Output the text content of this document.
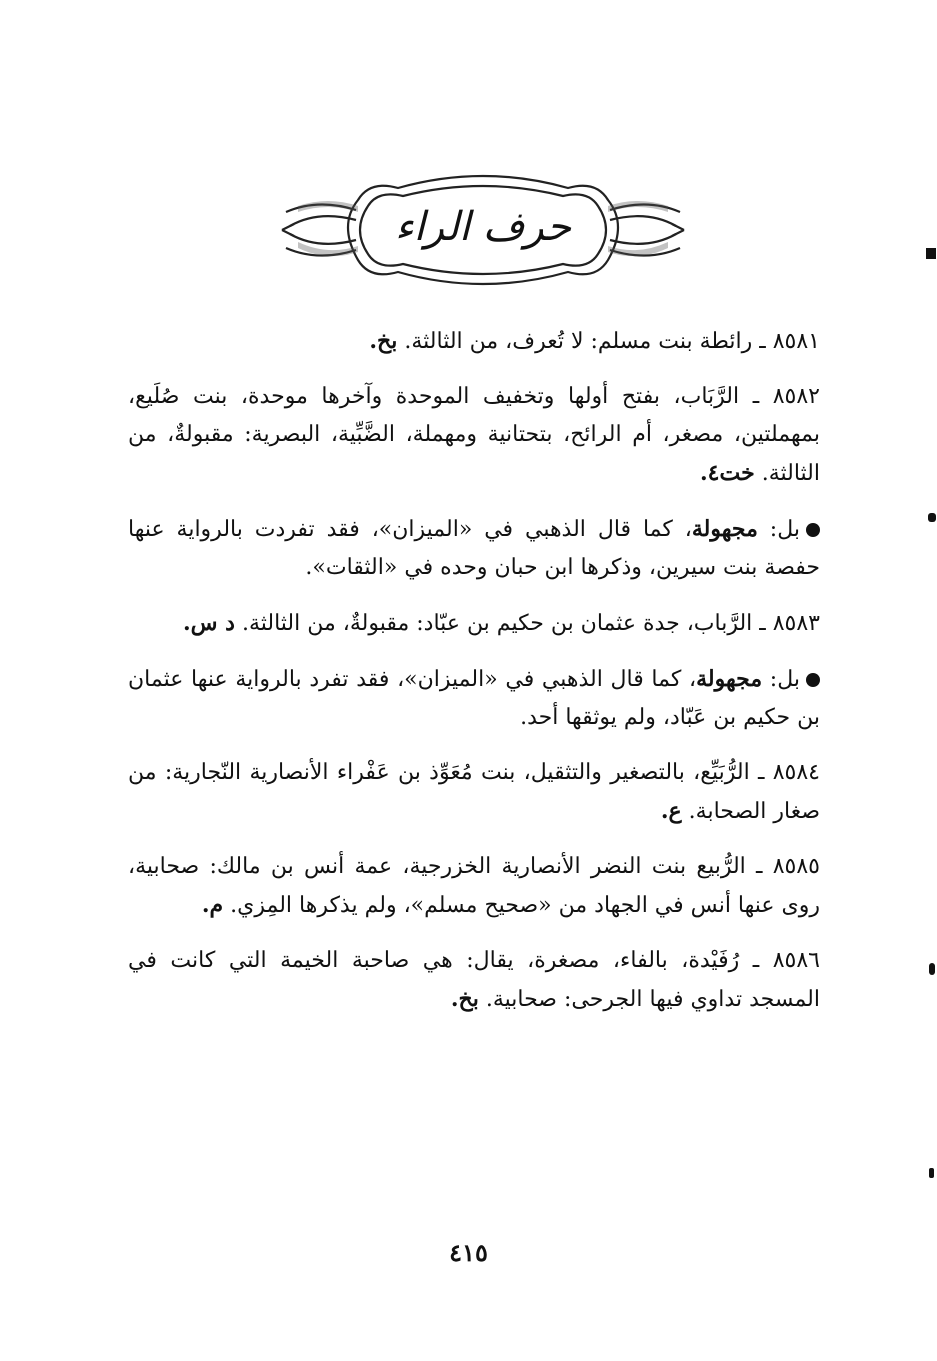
حرف الراء

٨٥٨١ ـ رائطة بنت مسلم: لا تُعرف، من الثالثة. بخ.

٨٥٨٢ ـ الرَّبَاب، بفتح أولها وتخفيف الموحدة وآخرها موحدة، بنت صُلَيع، بمهملتين، مصغر، أم الرائح، بتحتانية ومهملة، الضَّبِّية، البصرية: مقبولةٌ، من الثالثة. خت٤.

بل: مجهولة، كما قال الذهبي في «الميزان»، فقد تفردت بالرواية عنها حفصة بنت سيرين، وذكرها ابن حبان وحده في «الثقات».

٨٥٨٣ ـ الرَّباب، جدة عثمان بن حكيم بن عبّاد: مقبولةٌ، من الثالثة. د س.

بل: مجهولة، كما قال الذهبي في «الميزان»، فقد تفرد بالرواية عنها عثمان بن حكيم بن عَبّاد، ولم يوثقها أحد.

٨٥٨٤ ـ الرُّبَيِّع، بالتصغير والتثقيل، بنت مُعَوِّذ بن عَفْراء الأنصارية النّجارية: من صغار الصحابة. ع.

٨٥٨٥ ـ الرُّبيع بنت النضر الأنصارية الخزرجية، عمة أنس بن مالك: صحابية، روى عنها أنس في الجهاد من «صحيح مسلم»، ولم يذكرها المِزي. م.

٨٥٨٦ ـ رُفَيْدة، بالفاء، مصغرة، يقال: هي صاحبة الخيمة التي كانت في المسجد تداوي فيها الجرحى: صحابية. بخ.

٤١٥
